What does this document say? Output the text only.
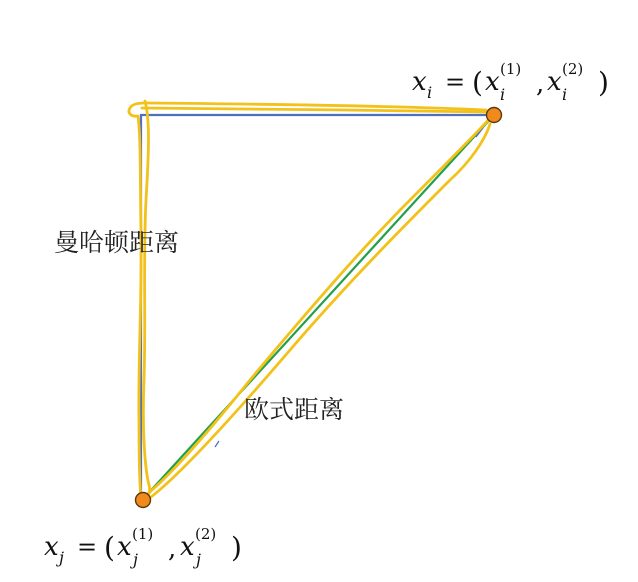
曼哈顿距离
欧式距离
x i = ( x (1)
i , x (2)
i )
x j = ( x (1)
j , x (2)
j )
